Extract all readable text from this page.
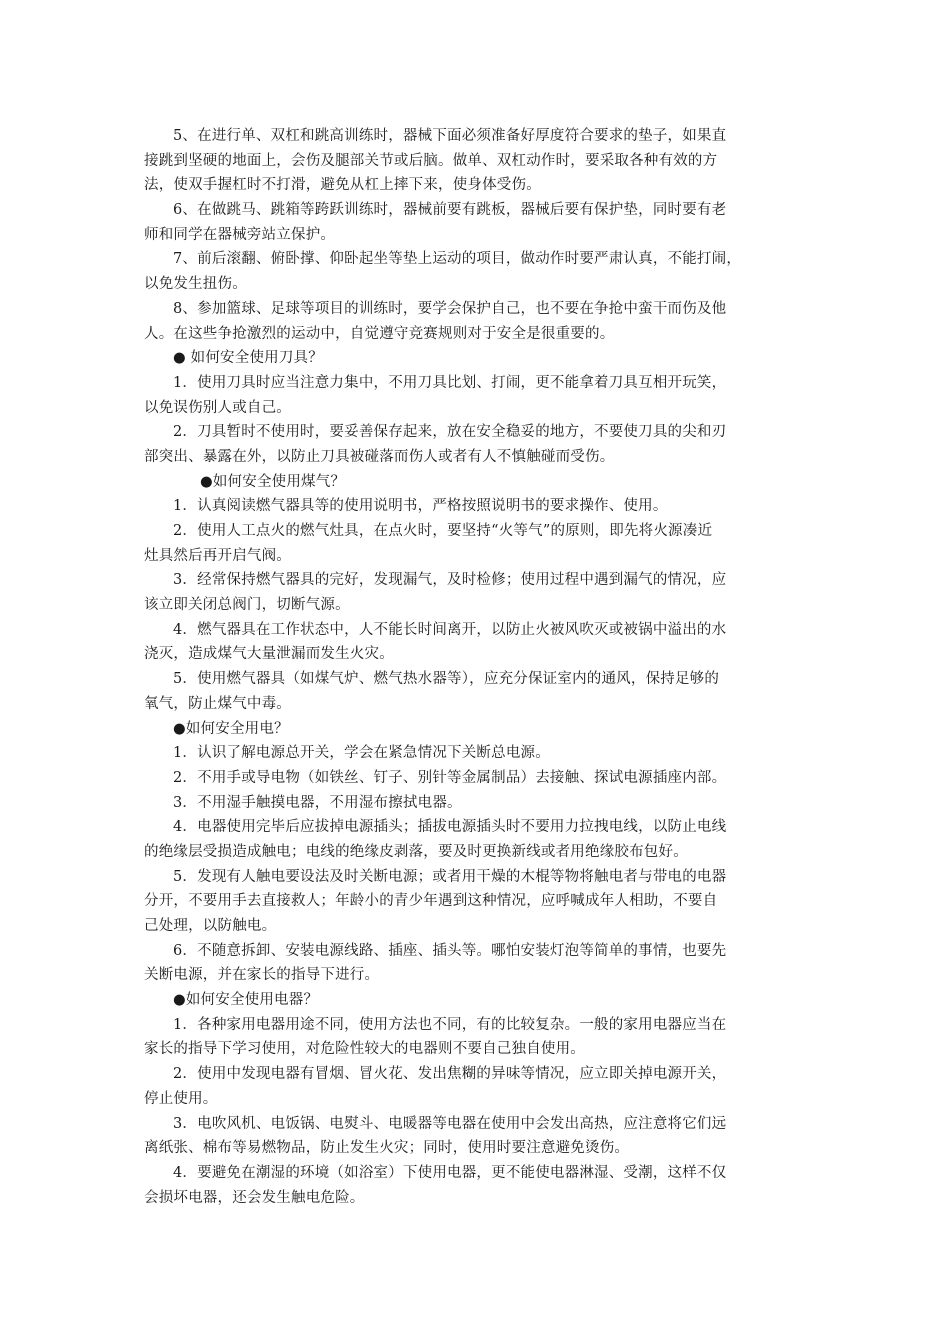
5、在进行单、双杠和跳高训练时，器械下面必须准备好厚度符合要求的垫子，如果直
接跳到坚硬的地面上，会伤及腿部关节或后脑。做单、双杠动作时，要采取各种有效的方
法，使双手握杠时不打滑，避免从杠上摔下来，使身体受伤。
6、在做跳马、跳箱等跨跃训练时，器械前要有跳板，器械后要有保护垫，同时要有老
师和同学在器械旁站立保护。
7、前后滚翻、俯卧撑、仰卧起坐等垫上运动的项目，做动作时要严肃认真，不能打闹，
以免发生扭伤。
8、参加篮球、足球等项目的训练时，要学会保护自己，也不要在争抢中蛮干而伤及他
人。在这些争抢激烈的运动中，自觉遵守竞赛规则对于安全是很重要的。
● 如何安全使用刀具？
1．使用刀具时应当注意力集中，不用刀具比划、打闹，更不能拿着刀具互相开玩笑，
以免误伤别人或自己。
2．刀具暂时不使用时，要妥善保存起来，放在安全稳妥的地方，不要使刀具的尖和刃
部突出、暴露在外，以防止刀具被碰落而伤人或者有人不慎触碰而受伤。
●如何安全使用煤气？
1．认真阅读燃气器具等的使用说明书，严格按照说明书的要求操作、使用。
2．使用人工点火的燃气灶具，在点火时，要坚持“火等气”的原则，即先将火源凑近
灶具然后再开启气阀。
3．经常保持燃气器具的完好，发现漏气，及时检修；使用过程中遇到漏气的情况，应
该立即关闭总阀门，切断气源。
4．燃气器具在工作状态中，人不能长时间离开，以防止火被风吹灭或被锅中溢出的水
浇灭，造成煤气大量泄漏而发生火灾。
5．使用燃气器具（如煤气炉、燃气热水器等），应充分保证室内的通风，保持足够的
氧气，防止煤气中毒。
●如何安全用电？
1．认识了解电源总开关，学会在紧急情况下关断总电源。
2．不用手或导电物（如铁丝、钉子、别针等金属制品）去接触、探试电源插座内部。
3．不用湿手触摸电器，不用湿布擦拭电器。
4．电器使用完毕后应拔掉电源插头；插拔电源插头时不要用力拉拽电线，以防止电线
的绝缘层受损造成触电；电线的绝缘皮剥落，要及时更换新线或者用绝缘胶布包好。
5．发现有人触电要设法及时关断电源；或者用干燥的木棍等物将触电者与带电的电器
分开，不要用手去直接救人；年龄小的青少年遇到这种情况，应呼喊成年人相助，不要自
己处理，以防触电。
6．不随意拆卸、安装电源线路、插座、插头等。哪怕安装灯泡等简单的事情，也要先
关断电源，并在家长的指导下进行。
●如何安全使用电器？
1．各种家用电器用途不同，使用方法也不同，有的比较复杂。一般的家用电器应当在
家长的指导下学习使用，对危险性较大的电器则不要自己独自使用。
2．使用中发现电器有冒烟、冒火花、发出焦糊的异味等情况，应立即关掉电源开关，
停止使用。
3．电吹风机、电饭锅、电熨斗、电暖器等电器在使用中会发出高热，应注意将它们远
离纸张、棉布等易燃物品，防止发生火灾；同时，使用时要注意避免烫伤。
4．要避免在潮湿的环境（如浴室）下使用电器，更不能使电器淋湿、受潮，这样不仅
会损坏电器，还会发生触电危险。
